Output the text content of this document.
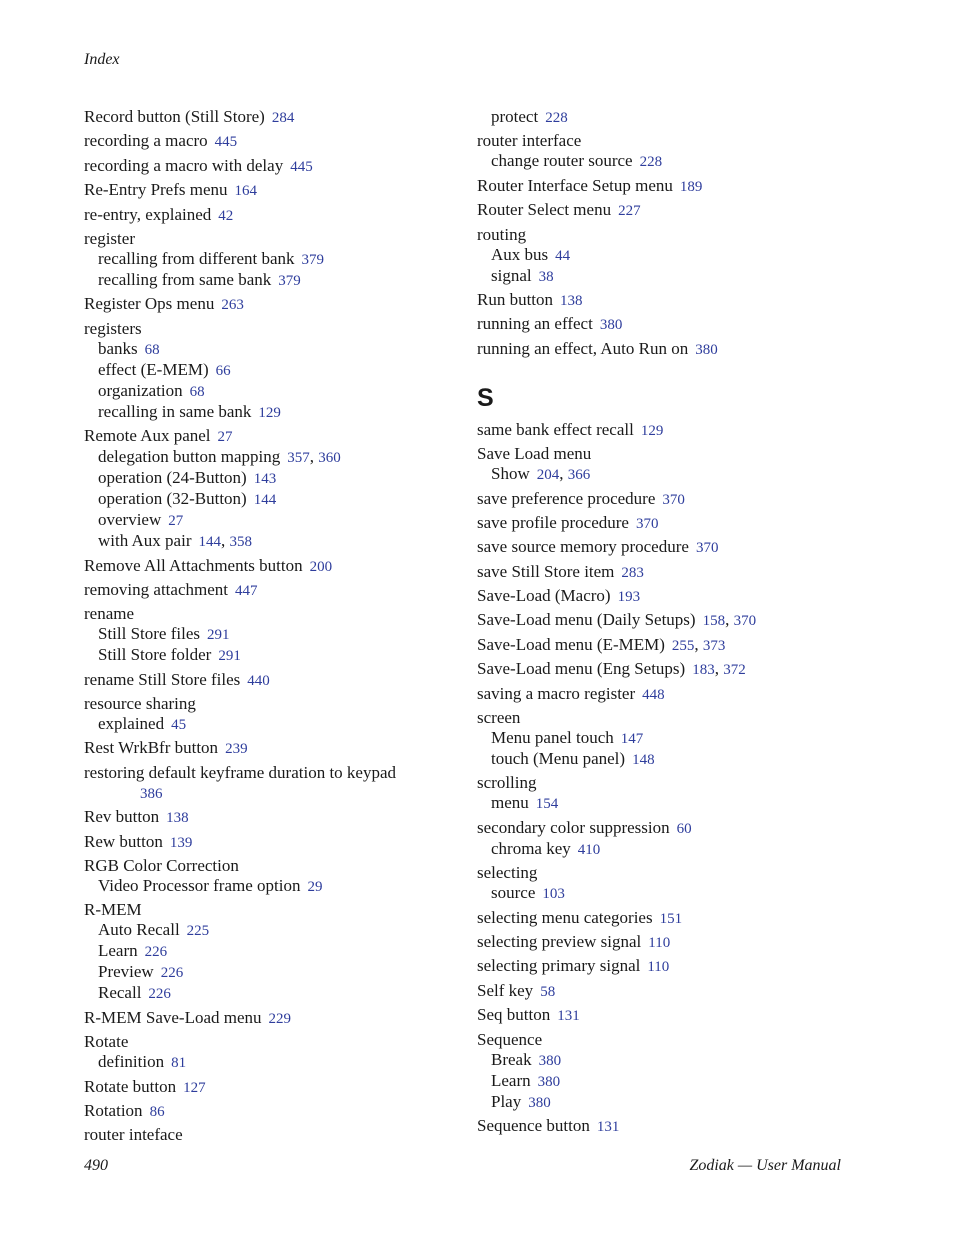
Index
Record button (Still Store) 284
recording a macro 445
recording a macro with delay 445
Re-Entry Prefs menu 164
re-entry, explained 42
register
recalling from different bank 379
recalling from same bank 379
Register Ops menu 263
registers
banks 68
effect (E-MEM) 66
organization 68
recalling in same bank 129
Remote Aux panel 27
delegation button mapping 357, 360
operation (24-Button) 143
operation (32-Button) 144
overview 27
with Aux pair 144, 358
Remove All Attachments button 200
removing attachment 447
rename
Still Store files 291
Still Store folder 291
rename Still Store files 440
resource sharing
explained 45
Rest WrkBfr button 239
restoring default keyframe duration to keypad
386
Rev button 138
Rew button 139
RGB Color Correction
Video Processor frame option 29
R-MEM
Auto Recall 225
Learn 226
Preview 226
Recall 226
R-MEM Save-Load menu 229
Rotate
definition 81
Rotate button 127
Rotation 86
router inteface
protect 228
router interface
change router source 228
Router Interface Setup menu 189
Router Select menu 227
routing
Aux bus 44
signal 38
Run button 138
running an effect 380
running an effect, Auto Run on 380
S
same bank effect recall 129
Save Load menu
Show 204, 366
save preference procedure 370
save profile procedure 370
save source memory procedure 370
save Still Store item 283
Save-Load (Macro) 193
Save-Load menu (Daily Setups) 158, 370
Save-Load menu (E-MEM) 255, 373
Save-Load menu (Eng Setups) 183, 372
saving a macro register 448
screen
Menu panel touch 147
touch (Menu panel) 148
scrolling
menu 154
secondary color suppression 60
chroma key 410
selecting
source 103
selecting menu categories 151
selecting preview signal 110
selecting primary signal 110
Self key 58
Seq button 131
Sequence
Break 380
Learn 380
Play 380
Sequence button 131
490	Zodiak — User Manual
